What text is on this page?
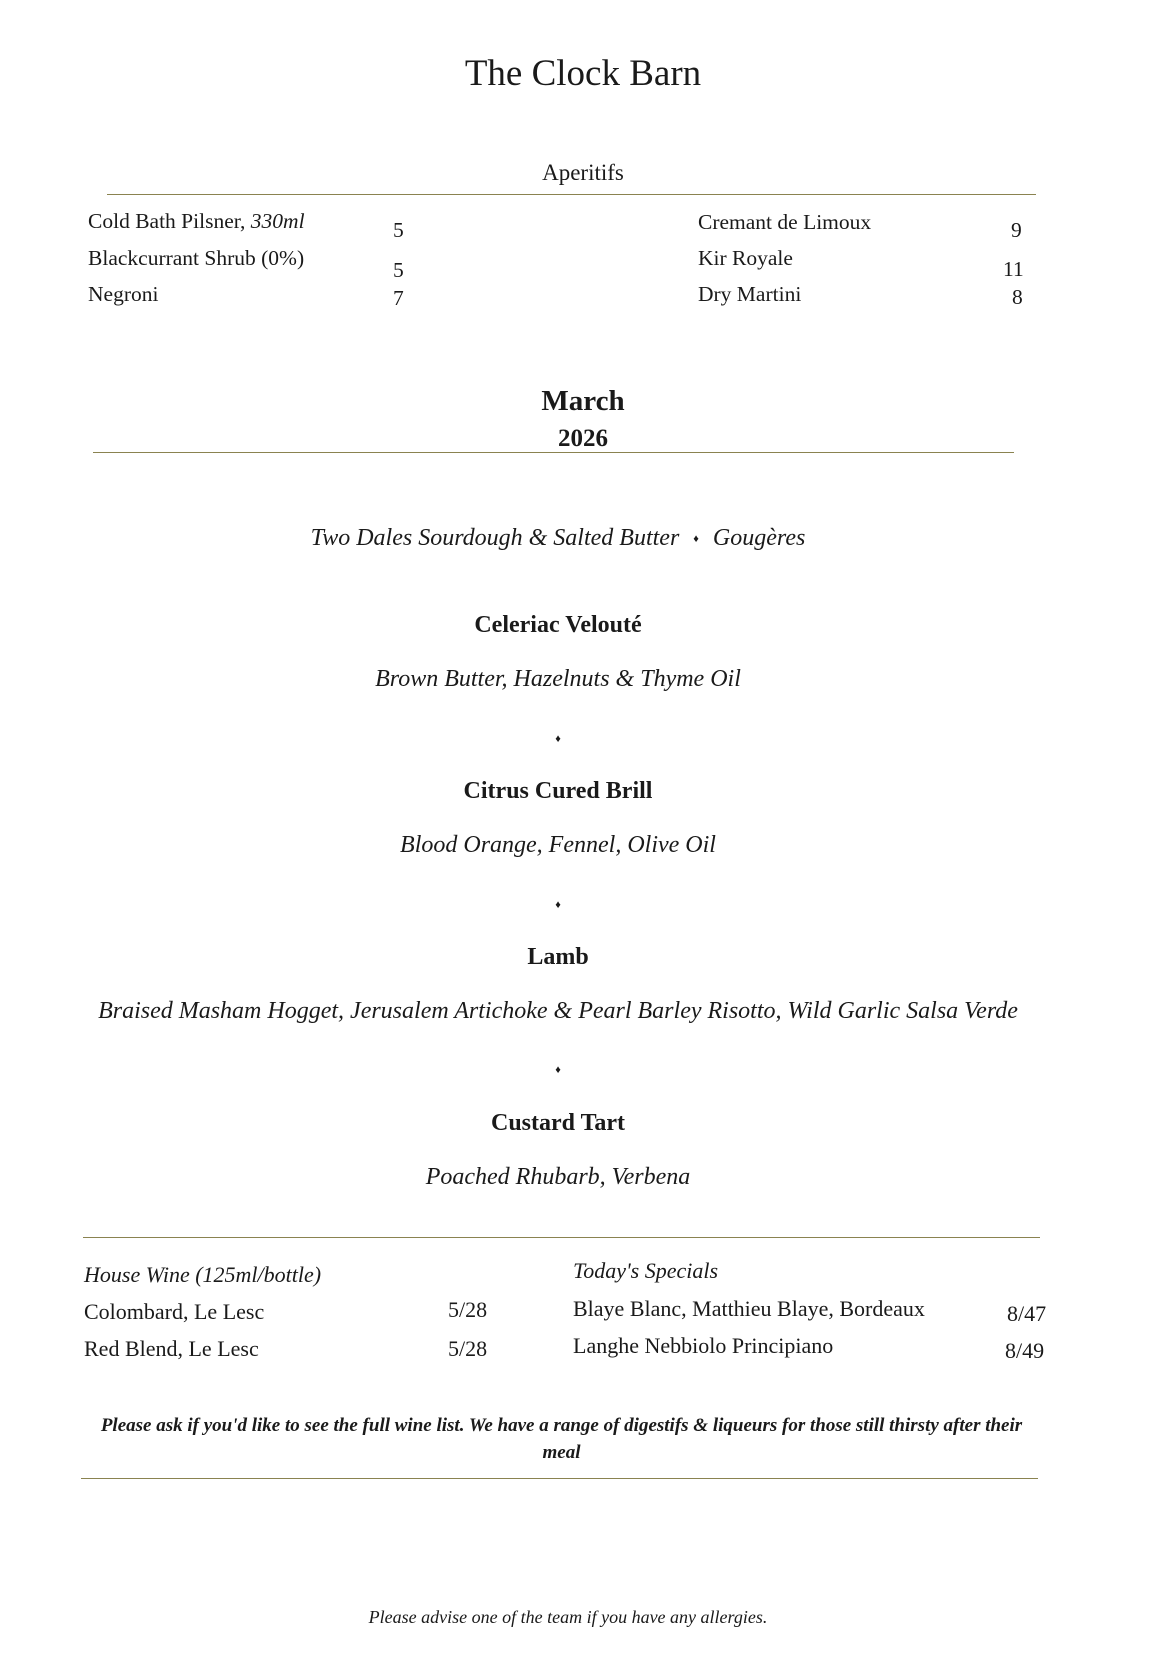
The Clock Barn
Aperitifs
Cold Bath Pilsner, 330ml	5
Blackcurrant Shrub (0%)	5
Negroni	7
Cremant de Limoux	9
Kir Royale	11
Dry Martini	8
March
2026
Two Dales Sourdough & Salted Butter ♦ Gougères
Celeriac Velouté
Brown Butter, Hazelnuts & Thyme Oil
♦
Citrus Cured Brill
Blood Orange, Fennel, Olive Oil
♦
Lamb
Braised Masham Hogget, Jerusalem Artichoke & Pearl Barley Risotto, Wild Garlic Salsa Verde
♦
Custard Tart
Poached Rhubarb, Verbena
House Wine (125ml/bottle)
Colombard, Le Lesc	5/28
Red Blend, Le Lesc	5/28
Today's Specials
Blaye Blanc, Matthieu Blaye, Bordeaux	8/47
Langhe Nebbiolo Principiano	8/49
Please ask if you'd like to see the full wine list. We have a range of digestifs & liqueurs for those still thirsty after their meal
Please advise one of the team if you have any allergies.
